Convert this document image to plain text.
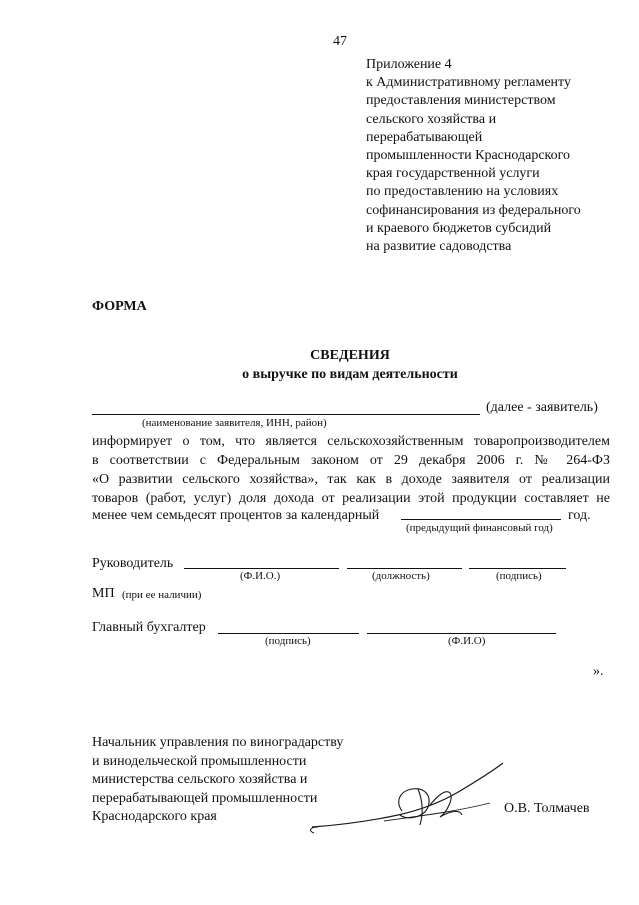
47
Приложение 4
к Административному регламенту
предоставления министерством
сельского хозяйства и
перерабатывающей
промышленности Краснодарского
края государственной услуги
по предоставлению на условиях
софинансирования из федерального
и краевого бюджетов субсидий
на развитие садоводства
ФОРМА
СВЕДЕНИЯ
о выручке по видам деятельности
(далее - заявитель)
(наименование заявителя, ИНН, район)
информирует о том, что является сельскохозяйственным товаропроизводителем
в соответствии с Федеральным законом от 29 декабря 2006 г. № 264-ФЗ
«О развитии сельского хозяйства», так как в доходе заявителя от реализации
товаров (работ, услуг) доля дохода от реализации этой продукции составляет не
менее чем семьдесят процентов за календарный	год.
(предыдущий финансовый год)
Руководитель
(Ф.И.О.)	(должность)	(подпись)
МП (при ее наличии)
Главный бухгалтер
(подпись)	(Ф.И.О)
».
Начальник управления по виноградарству
и винодельческой промышленности
министерства сельского хозяйства и
перерабатывающей промышленности
Краснодарского края
О.В. Толмачев
